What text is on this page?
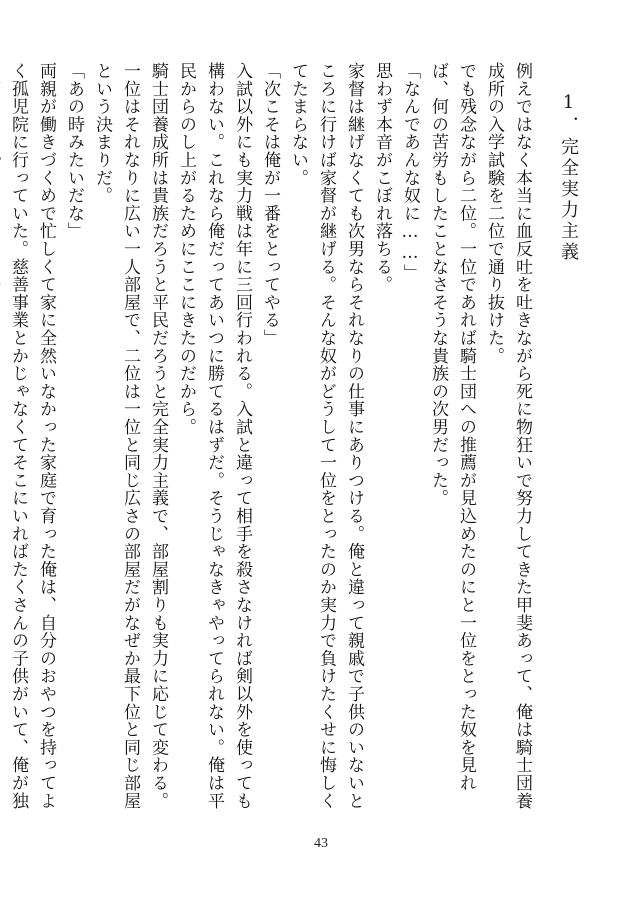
1．完全実力主義

例えではなく本当に血反吐を吐きながら死に物狂いで努力してきた甲斐あって、俺は騎士団養成所の入学試験を二位で通り抜けた。

でも残念ながら二位。一位であれば騎士団への推薦が見込めたのにと一位をとった奴を見れば、何の苦労もしたことなさそうな貴族の次男だった。

「なんであんな奴に……」

思わず本音がこぼれ落ちる。

家督は継げなくても次男ならそれなりの仕事にありつける。俺と違って親戚で子供のいないところに行けば家督が継げる。そんな奴がどうして一位をとったのか実力で負けたくせに悔しくてたまらない。

「次こそは俺が一番をとってやる」

入試以外にも実力戦は年に三回行われる。入試と違って相手を殺さなければ剣以外を使っても構わない。これなら俺だってあいつに勝てるはずだ。そうじゃなきゃやってられない。俺は平民からのし上がるためにここにきたのだから。

騎士団養成所は貴族だろうと平民だろうと完全実力主義で、部屋割りも実力に応じて変わる。一位はそれなりに広い一人部屋で、二位は一位と同じ広さの部屋だがなぜか最下位と同じ部屋という決まりだ。

「あの時みたいだな」

両親が働きづくめで忙しくて家に全然いなかった家庭で育った俺は、自分のおやつを持ってよく孤児院に行っていた。慈善事業とかじゃなくてそこにいればたくさんの子供がいて、俺が独

43
